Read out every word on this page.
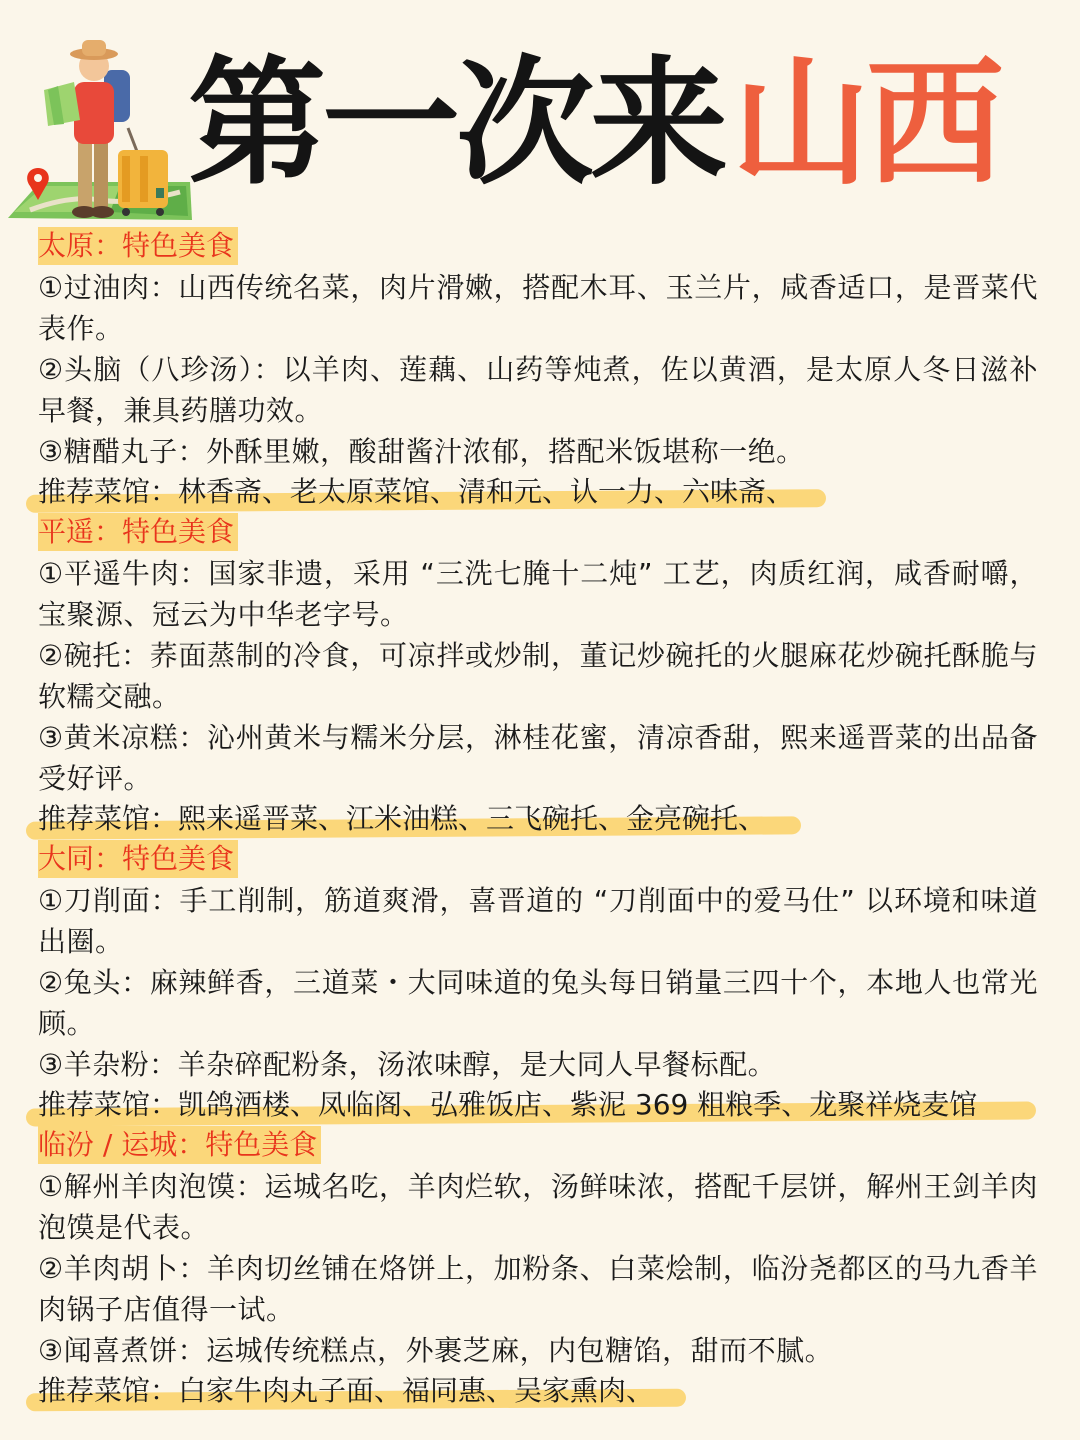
第一次来 山西
太原：特色美食

①过油肉：山西传统名菜，肉片滑嫩，搭配木耳、玉兰片，咸香适口，是晋菜代表作。

②头脑（八珍汤）：以羊肉、莲藕、山药等炖煮，佐以黄酒，是太原人冬日滋补早餐，兼具药膳功效。

③糖醋丸子：外酥里嫩，酸甜酱汁浓郁，搭配米饭堪称一绝。

推荐菜馆：林香斋、老太原菜馆、清和元、认一力、六味斋、
平遥：特色美食

①平遥牛肉：国家非遗，采用 “三洗七腌十二炖” 工艺，肉质红润，咸香耐嚼，宝聚源、冠云为中华老字号。

②碗托：荞面蒸制的冷食，可凉拌或炒制，董记炒碗托的火腿麻花炒碗托酥脆与软糯交融。

③黄米凉糕：沁州黄米与糯米分层，淋桂花蜜，清凉香甜，熙来遥晋菜的出品备受好评。

推荐菜馆：熙来遥晋菜、江米油糕、三飞碗托、金亮碗托、
大同：特色美食

①刀削面：手工削制，筋道爽滑，喜晋道的 “刀削面中的爱马仕” 以环境和味道出圈。

②兔头：麻辣鲜香，三道菜・大同味道的兔头每日销量三四十个，本地人也常光顾。

③羊杂粉：羊杂碎配粉条，汤浓味醇，是大同人早餐标配。

推荐菜馆：凯鸽酒楼、凤临阁、弘雅饭店、紫泥 369 粗粮季、龙聚祥烧麦馆
临汾 / 运城：特色美食

①解州羊肉泡馍：运城名吃，羊肉烂软，汤鲜味浓，搭配千层饼，解州王剑羊肉泡馍是代表。

②羊肉胡卜：羊肉切丝铺在烙饼上，加粉条、白菜烩制，临汾尧都区的马九香羊肉锅子店值得一试。

③闻喜煮饼：运城传统糕点，外裹芝麻，内包糖馅，甜而不腻。

推荐菜馆：白家牛肉丸子面、福同惠、吴家熏肉、
